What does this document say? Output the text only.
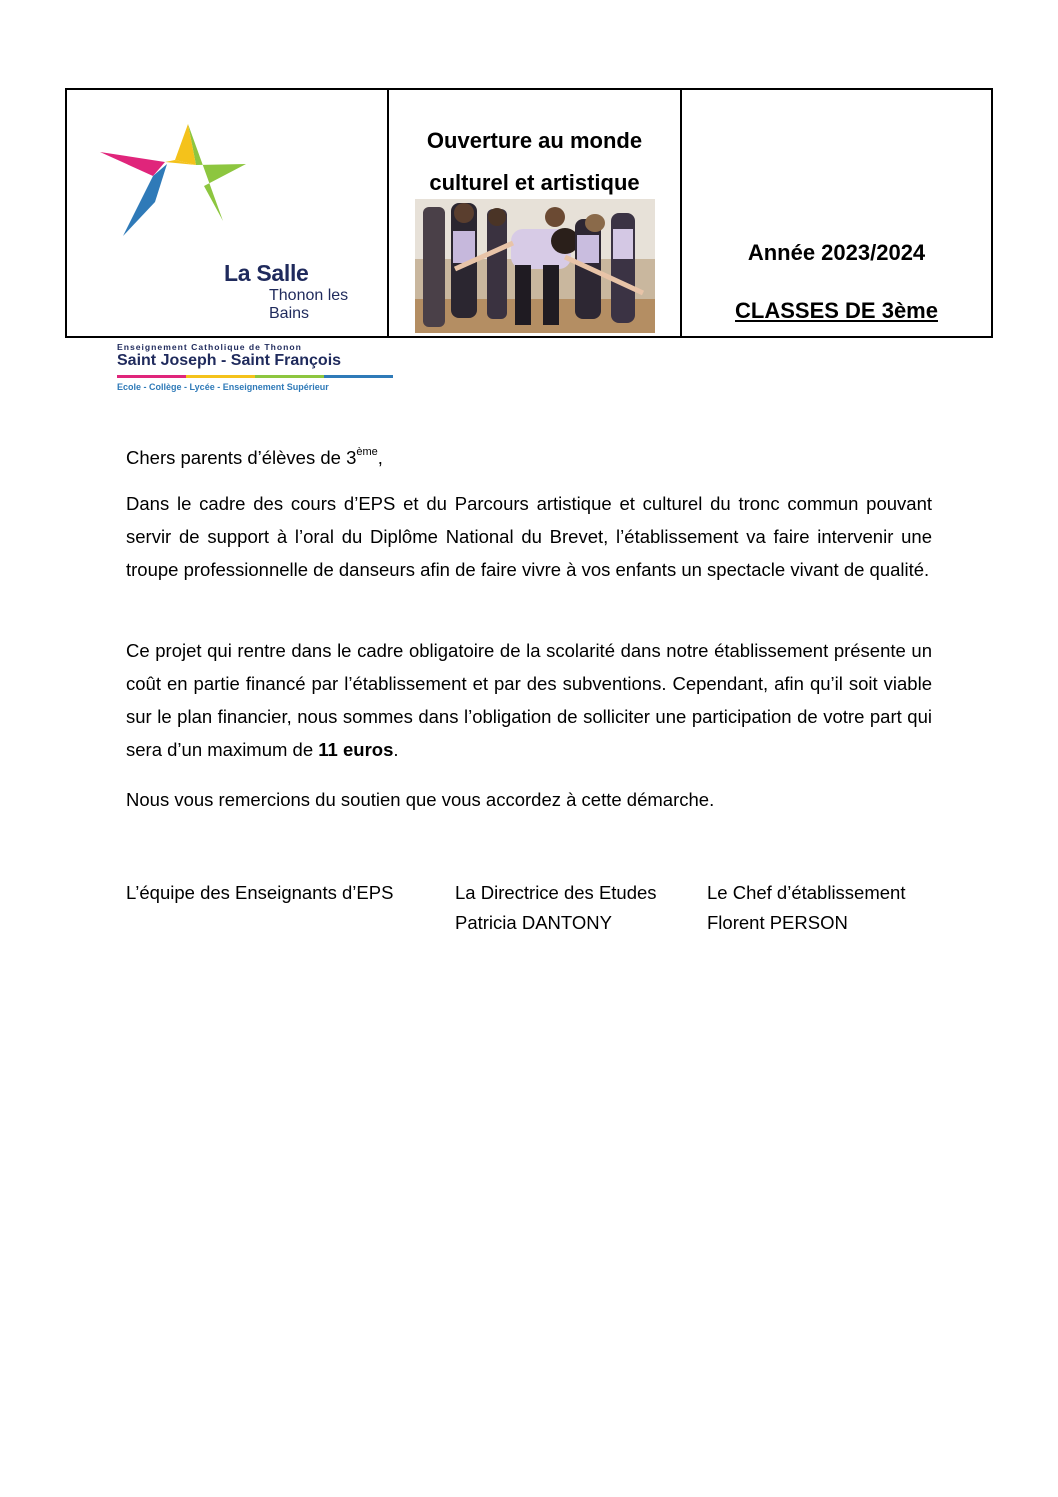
La Salle
Thonon les Bains
Enseignement Catholique de Thonon
Saint Joseph - Saint François
Ecole - Collège - Lycée - Enseignement Supérieur
Ouverture au monde
culturel et artistique
Année 2023/2024
CLASSES DE 3ème
Chers parents d’élèves de 3ème,

Dans le cadre des cours d’EPS et du Parcours artistique et culturel du tronc commun pouvant servir de support à l’oral du Diplôme National du Brevet, l’établissement va faire intervenir une troupe professionnelle de danseurs afin de faire vivre à vos enfants un spectacle vivant de qualité.

Ce projet qui rentre dans le cadre obligatoire de la scolarité dans notre établissement présente un coût en partie financé par l’établissement et par des subventions. Cependant, afin qu’il soit viable sur le plan financier, nous sommes dans l’obligation de solliciter une participation de votre part qui sera d’un maximum de 11 euros.

Nous vous remercions du soutien que vous accordez à cette démarche.

L’équipe des Enseignants d’EPS	La Directrice des Etudes
Patricia DANTONY
Le Chef d’établissement
Florent PERSON
